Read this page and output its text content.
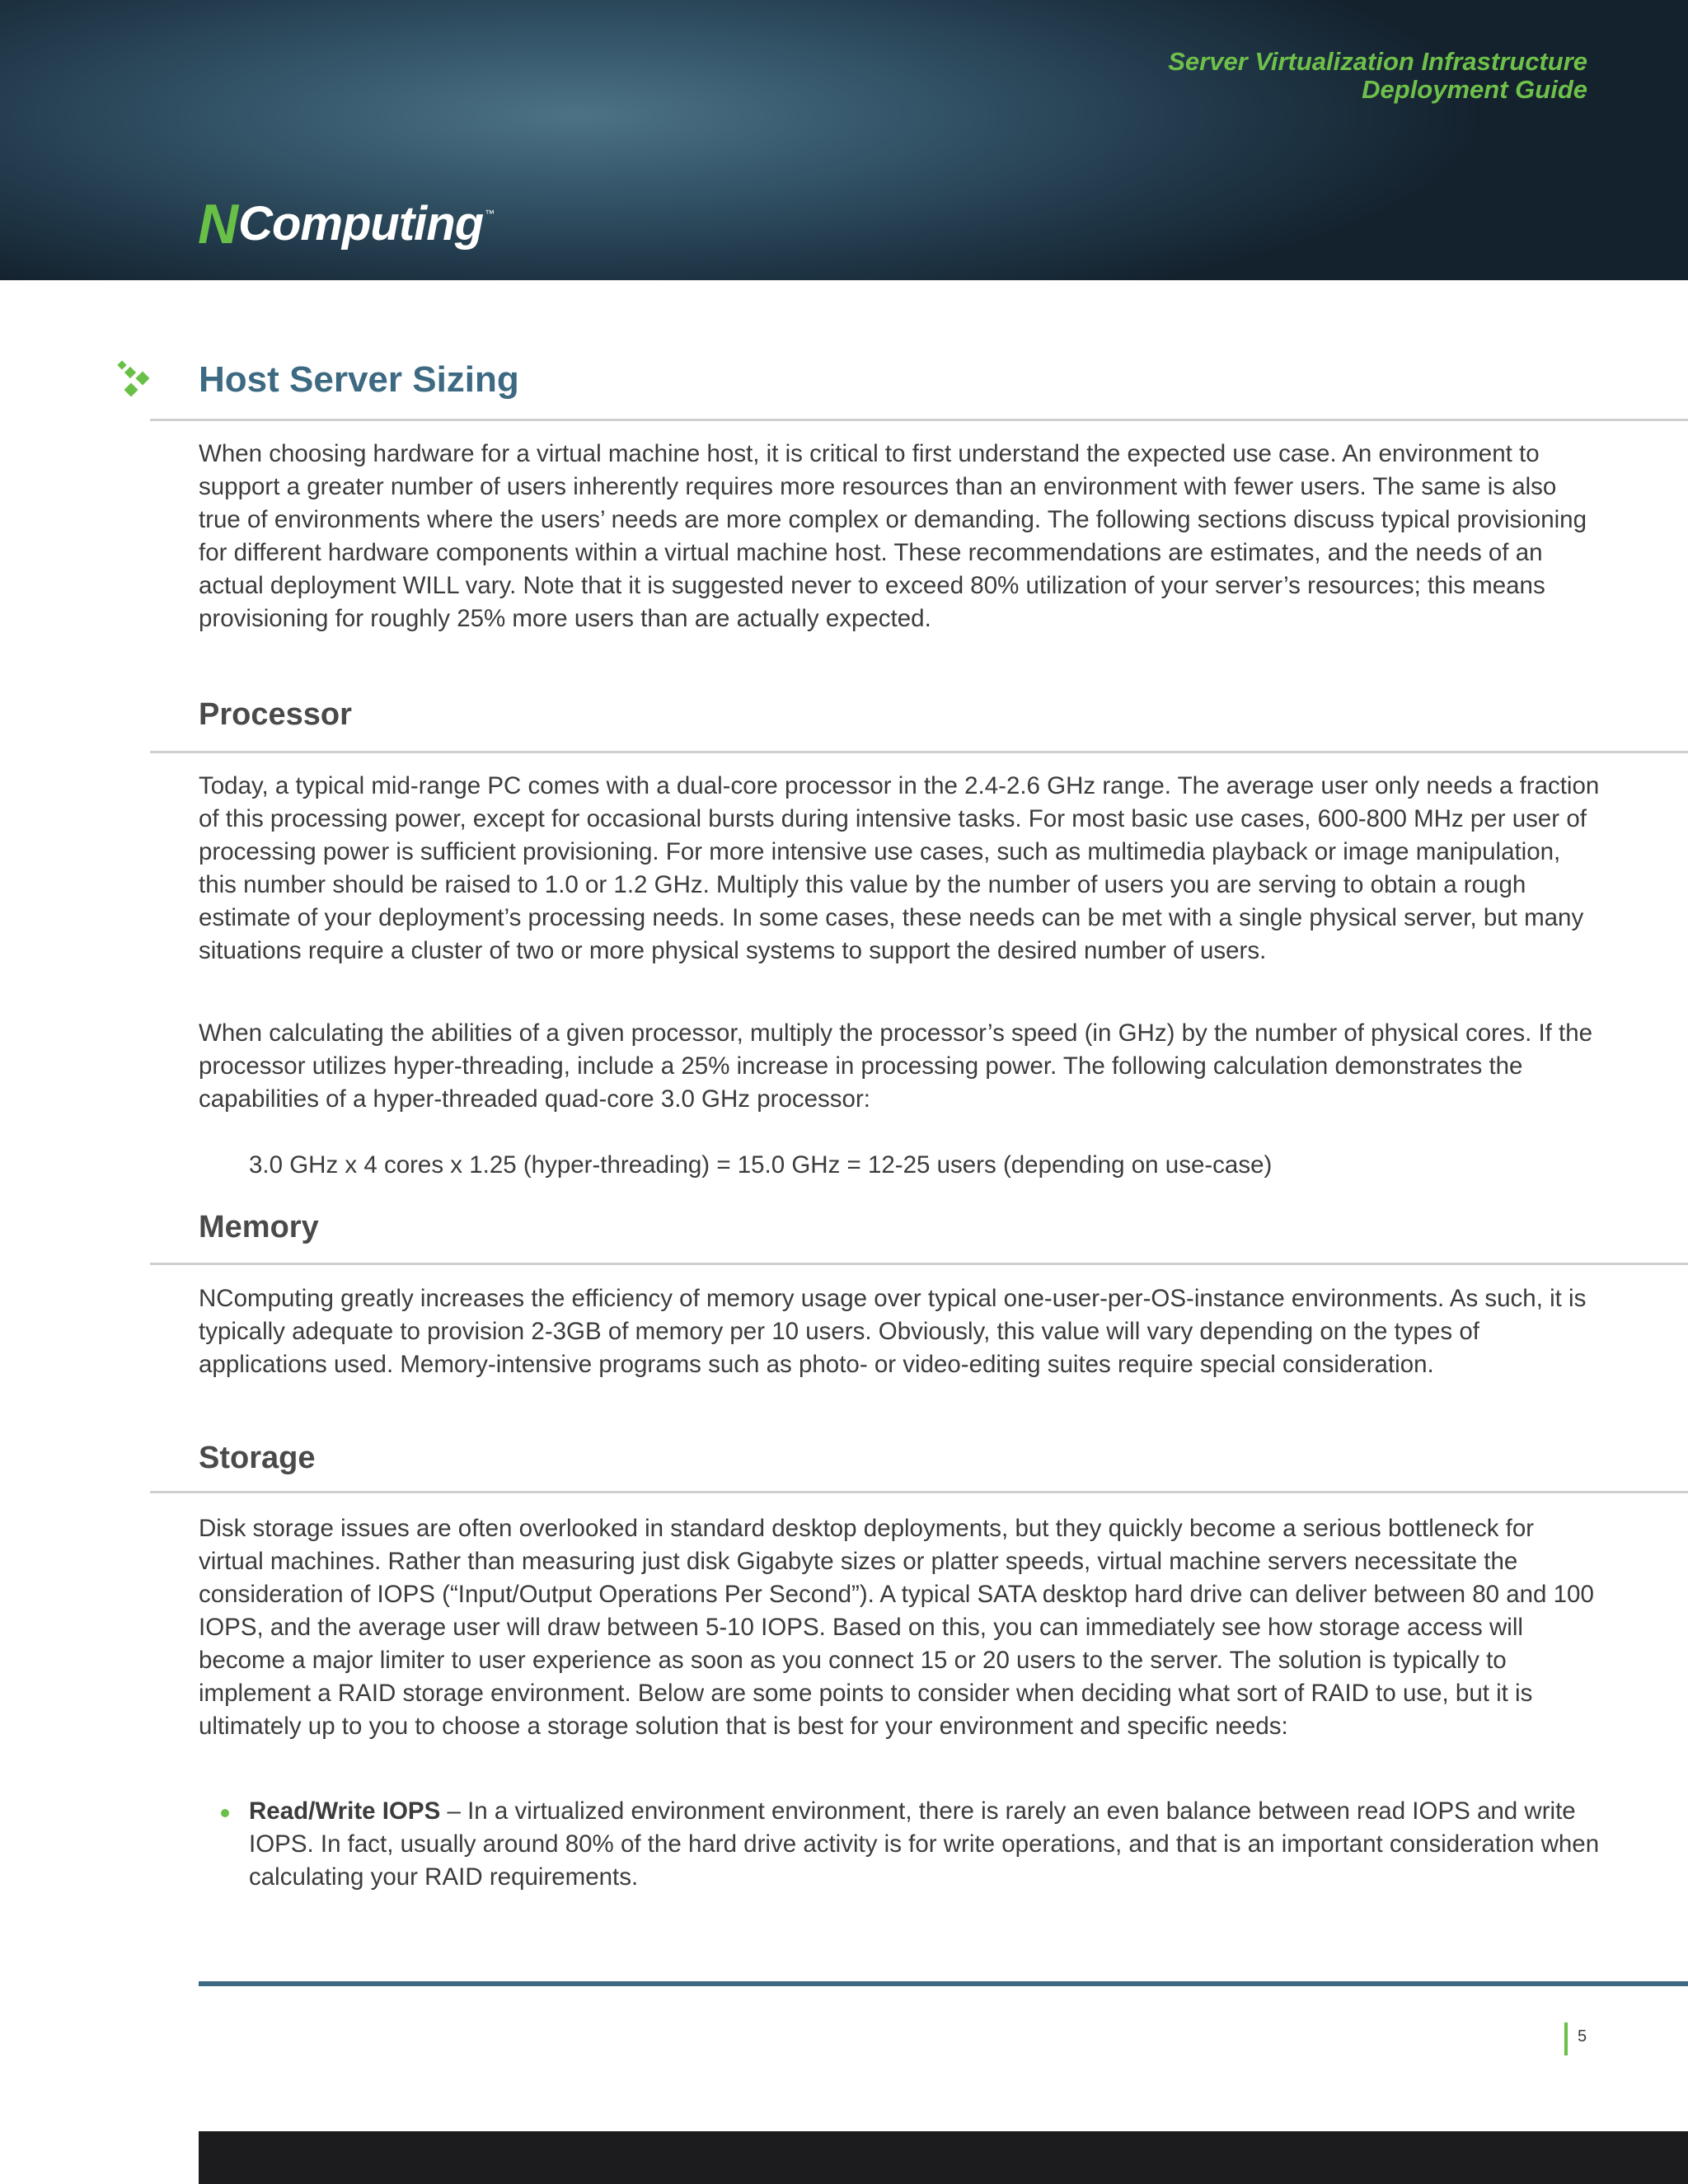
Server Virtualization Infrastructure
Deployment Guide
N Computing ™
Host Server Sizing

When choosing hardware for a virtual machine host, it is critical to first understand the expected use case. An environment to support a greater number of users inherently requires more resources than an environment with fewer users. The same is also true of environments where the users’ needs are more complex or demanding. The following sections discuss typical provisioning for different hardware components within a virtual machine host. These recommendations are estimates, and the needs of an actual deployment WILL vary. Note that it is suggested never to exceed 80% utilization of your server’s resources; this means provisioning for roughly 25% more users than are actually expected.

Processor

Today, a typical mid-range PC comes with a dual-core processor in the 2.4-2.6 GHz range. The average user only needs a fraction of this processing power, except for occasional bursts during intensive tasks. For most basic use cases, 600-800 MHz per user of processing power is sufficient provisioning. For more intensive use cases, such as multimedia playback or image manipulation, this number should be raised to 1.0 or 1.2 GHz. Multiply this value by the number of users you are serving to obtain a rough estimate of your deployment’s processing needs. In some cases, these needs can be met with a single physical server, but many situations require a cluster of two or more physical systems to support the desired number of users.

When calculating the abilities of a given processor, multiply the processor’s speed (in GHz) by the number of physical cores. If the processor utilizes hyper-threading, include a 25% increase in processing power. The following calculation demonstrates the capabilities of a hyper-threaded quad-core 3.0 GHz processor:

3.0 GHz x 4 cores x 1.25 (hyper-threading) = 15.0 GHz = 12-25 users (depending on use-case)

Memory

NComputing greatly increases the efficiency of memory usage over typical one-user-per-OS-instance environments. As such, it is typically adequate to provision 2-3GB of memory per 10 users. Obviously, this value will vary depending on the types of applications used. Memory-intensive programs such as photo- or video-editing suites require special consideration.

Storage

Disk storage issues are often overlooked in standard desktop deployments, but they quickly become a serious bottleneck for virtual machines. Rather than measuring just disk Gigabyte sizes or platter speeds, virtual machine servers necessitate the consideration of IOPS (“Input/Output Operations Per Second”). A typical SATA desktop hard drive can deliver between 80 and 100 IOPS, and the average user will draw between 5-10 IOPS. Based on this, you can immediately see how storage access will become a major limiter to user experience as soon as you connect 15 or 20 users to the server. The solution is typically to implement a RAID storage environment. Below are some points to consider when deciding what sort of RAID to use, but it is ultimately up to you to choose a storage solution that is best for your environment and specific needs:

Read/Write IOPS – In a virtualized environment environment, there is rarely an even balance between read IOPS and write IOPS. In fact, usually around 80% of the hard drive activity is for write operations, and that is an important consideration when calculating your RAID requirements.
5
